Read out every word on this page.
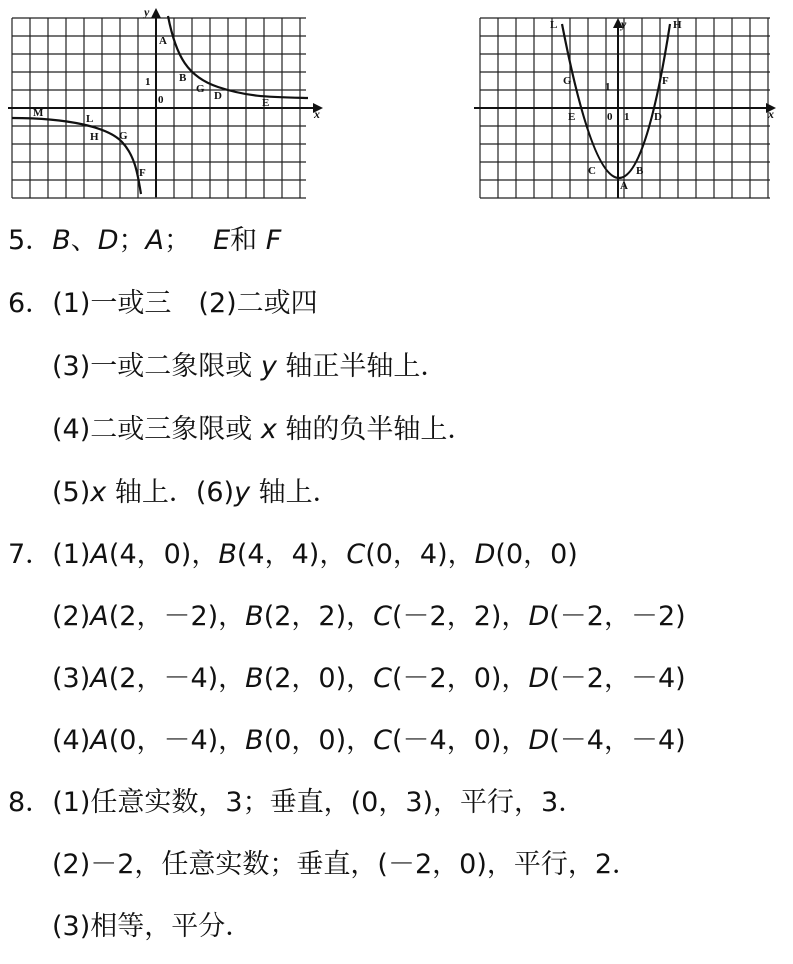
x
y
0
1
A
B
G
D
E
M	L
H G
F
x
y
0 1
1
L	H
G	F
E	D
C	B
A
5．B、D；A；　 E和 F
6．(1)一或三　(2)二或四
(3)一或二象限或 y 轴正半轴上．
(4)二或三象限或 x 轴的负半轴上．
(5)x 轴上．(6)y 轴上．
7．(1)A(4，0)，B(4，4)，C(0，4)，D(0，0)
(2)A(2，－2)，B(2，2)，C(－2，2)，D(－2，－2)
(3)A(2，－4)，B(2，0)，C(－2，0)，D(－2，－4)
(4)A(0，－4)，B(0，0)，C(－4，0)，D(－4，－4)
8．(1)任意实数，3；垂直，(0，3)，平行，3．
(2)－2，任意实数；垂直，(－2，0)，平行，2．
(3)相等，平分．
